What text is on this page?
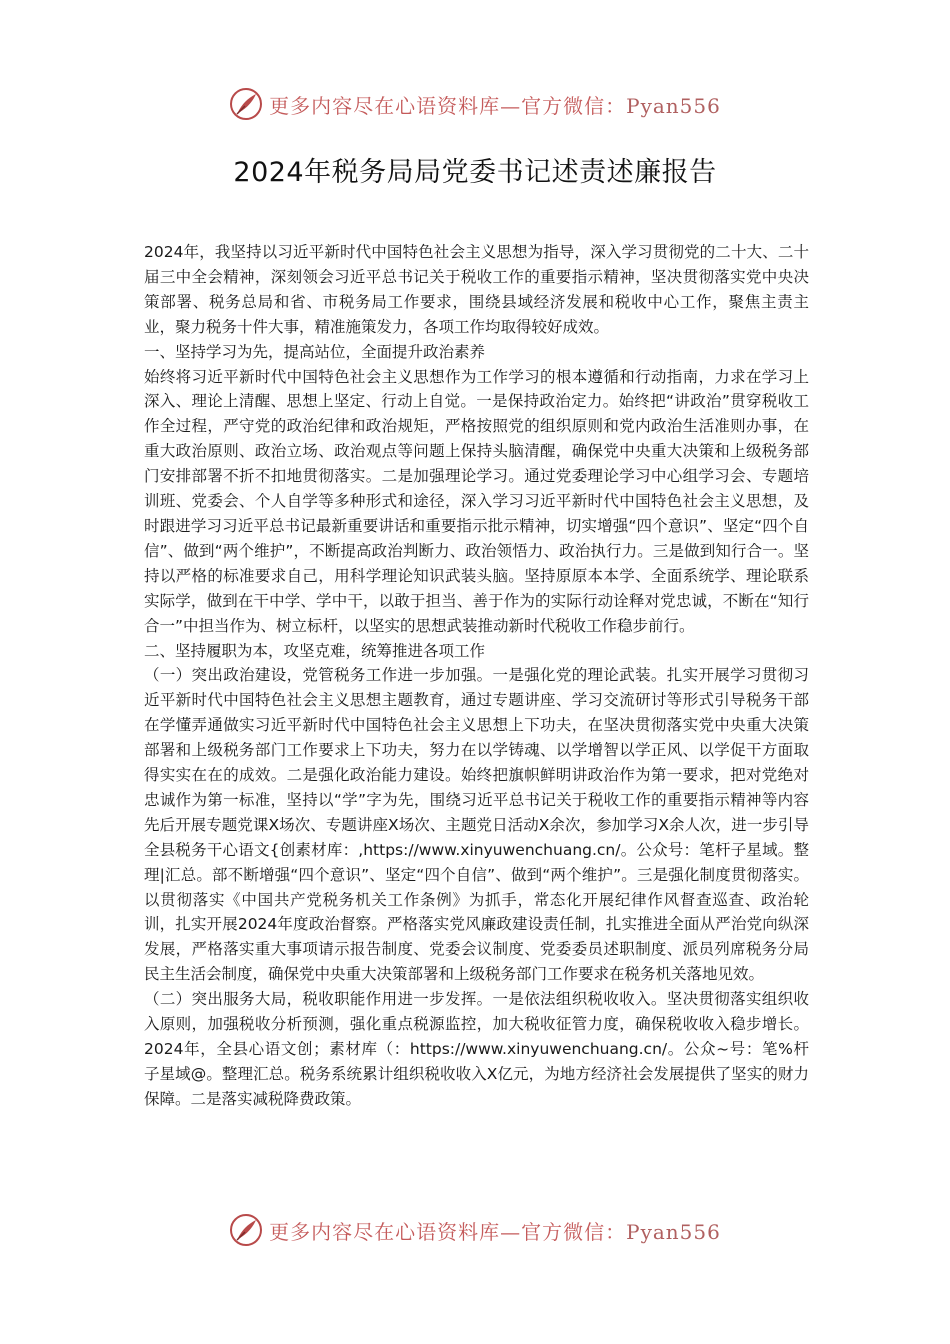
更多内容尽在心语资料库—官方微信：Pyan556
2024年税务局局党委书记述责述廉报告

2024年，我坚持以习近平新时代中国特色社会主义思想为指导，深入学习贯彻党的二十大、二十届三中全会精神，深刻领会习近平总书记关于税收工作的重要指示精神，坚决贯彻落实党中央决策部署、税务总局和省、市税务局工作要求，围绕县域经济发展和税收中心工作，聚焦主责主业，聚力税务十件大事，精准施策发力，各项工作均取得较好成效。

一、坚持学习为先，提高站位，全面提升政治素养

始终将习近平新时代中国特色社会主义思想作为工作学习的根本遵循和行动指南，力求在学习上深入、理论上清醒、思想上坚定、行动上自觉。一是保持政治定力。始终把“讲政治”贯穿税收工作全过程，严守党的政治纪律和政治规矩，严格按照党的组织原则和党内政治生活准则办事，在重大政治原则、政治立场、政治观点等问题上保持头脑清醒，确保党中央重大决策和上级税务部门安排部署不折不扣地贯彻落实。二是加强理论学习。通过党委理论学习中心组学习会、专题培训班、党委会、个人自学等多种形式和途径，深入学习习近平新时代中国特色社会主义思想，及时跟进学习习近平总书记最新重要讲话和重要指示批示精神，切实增强“四个意识”、坚定“四个自信”、做到“两个维护”，不断提高政治判断力、政治领悟力、政治执行力。三是做到知行合一。坚持以严格的标准要求自己，用科学理论知识武装头脑。坚持原原本本学、全面系统学、理论联系实际学，做到在干中学、学中干，以敢于担当、善于作为的实际行动诠释对党忠诚，不断在“知行合一”中担当作为、树立标杆，以坚实的思想武装推动新时代税收工作稳步前行。

二、坚持履职为本，攻坚克难，统筹推进各项工作

（一）突出政治建设，党管税务工作进一步加强。一是强化党的理论武装。扎实开展学习贯彻习近平新时代中国特色社会主义思想主题教育，通过专题讲座、学习交流研讨等形式引导税务干部在学懂弄通做实习近平新时代中国特色社会主义思想上下功夫，在坚决贯彻落实党中央重大决策部署和上级税务部门工作要求上下功夫，努力在以学铸魂、以学增智以学正风、以学促干方面取得实实在在的成效。二是强化政治能力建设。始终把旗帜鲜明讲政治作为第一要求，把对党绝对忠诚作为第一标准，坚持以“学”字为先，围绕习近平总书记关于税收工作的重要指示精神等内容先后开展专题党课X场次、专题讲座X场次、主题党日活动X余次，参加学习X余人次，进一步引导全县税务干心语文{创素材库：,https://www.xinyuwenchuang.cn/。公众号：笔杆子星域。整理|汇总。部不断增强“四个意识”、坚定“四个自信”、做到“两个维护”。三是强化制度贯彻落实。以贯彻落实《中国共产党税务机关工作条例》为抓手，常态化开展纪律作风督查巡查、政治轮训，扎实开展2024年度政治督察。严格落实党风廉政建设责任制，扎实推进全面从严治党向纵深发展，严格落实重大事项请示报告制度、党委会议制度、党委委员述职制度、派员列席税务分局民主生活会制度，确保党中央重大决策部署和上级税务部门工作要求在税务机关落地见效。

（二）突出服务大局，税收职能作用进一步发挥。一是依法组织税收收入。坚决贯彻落实组织收入原则，加强税收分析预测，强化重点税源监控，加大税收征管力度，确保税收收入稳步增长。2024年，全县心语文创；素材库（：https://www.xinyuwenchuang.cn/。公众~号：笔%杆子星域@。整理汇总。税务系统累计组织税收收入X亿元，为地方经济社会发展提供了坚实的财力保障。二是落实减税降费政策。

更多内容尽在心语资料库—官方微信：Pyan556
